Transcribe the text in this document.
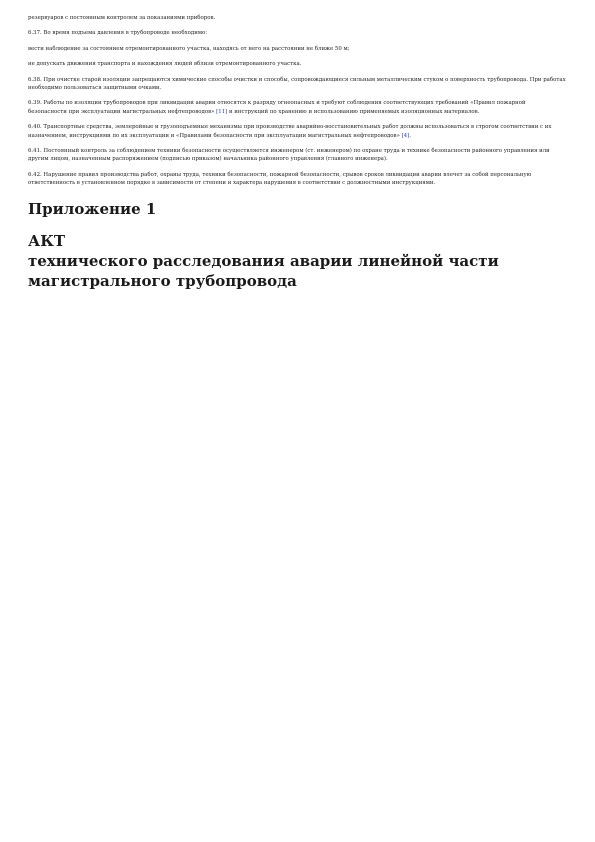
резервуаров с постоянным контролем за показаниями приборов.

6.37. Во время подъема давления в трубопроводе необходимо:

вести наблюдение за состоянием отремонтированного участка, находясь от него на расстоянии не ближе 50 м;

не допускать движения транспорта и нахождения людей вблизи отремонтированного участка.

6.38. При очистке старой изоляции запрещаются химические способы очистки и способы, сопровождающиеся сильным металлическим стуком о поверхность трубопровода. При работах необходимо пользоваться защитными очками.

6.39. Работы по изоляции трубопроводов при ликвидации аварии относятся к разряду огнеопасных и требуют соблюдения соответствующих требований «Правил пожарной безопасности при эксплуатации магистральных нефтепроводов» [11] и инструкций по хранению и использованию применяемых изоляционных материалов.

6.40. Транспортные средства, землеройные и грузоподъемные механизмы при производстве аварийно-восстановительных работ должны использоваться в строгом соответствии с их назначением, инструкциями по их эксплуатации и «Правилами безопасности при эксплуатации магистральных нефтепроводов» [4].

6.41. Постоянный контроль за соблюдением техники безопасности осуществляется инженером (ст. инженером) по охране труда и технике безопасности районного управления или другим лицом, назначенным распоряжением (подписью приказом) начальника районного управления (главного инженера).

6.42. Нарушение правил производства работ, охраны труда, техники безопасности, пожарной безопасности, срывов сроков ликвидации аварии влечет за собой персональную ответственность в установленном порядке в зависимости от степени и характера нарушения в соответствии с должностными инструкциями.

Приложение 1
АКТ
технического расследования аварии линейной части
магистрального трубопровода
